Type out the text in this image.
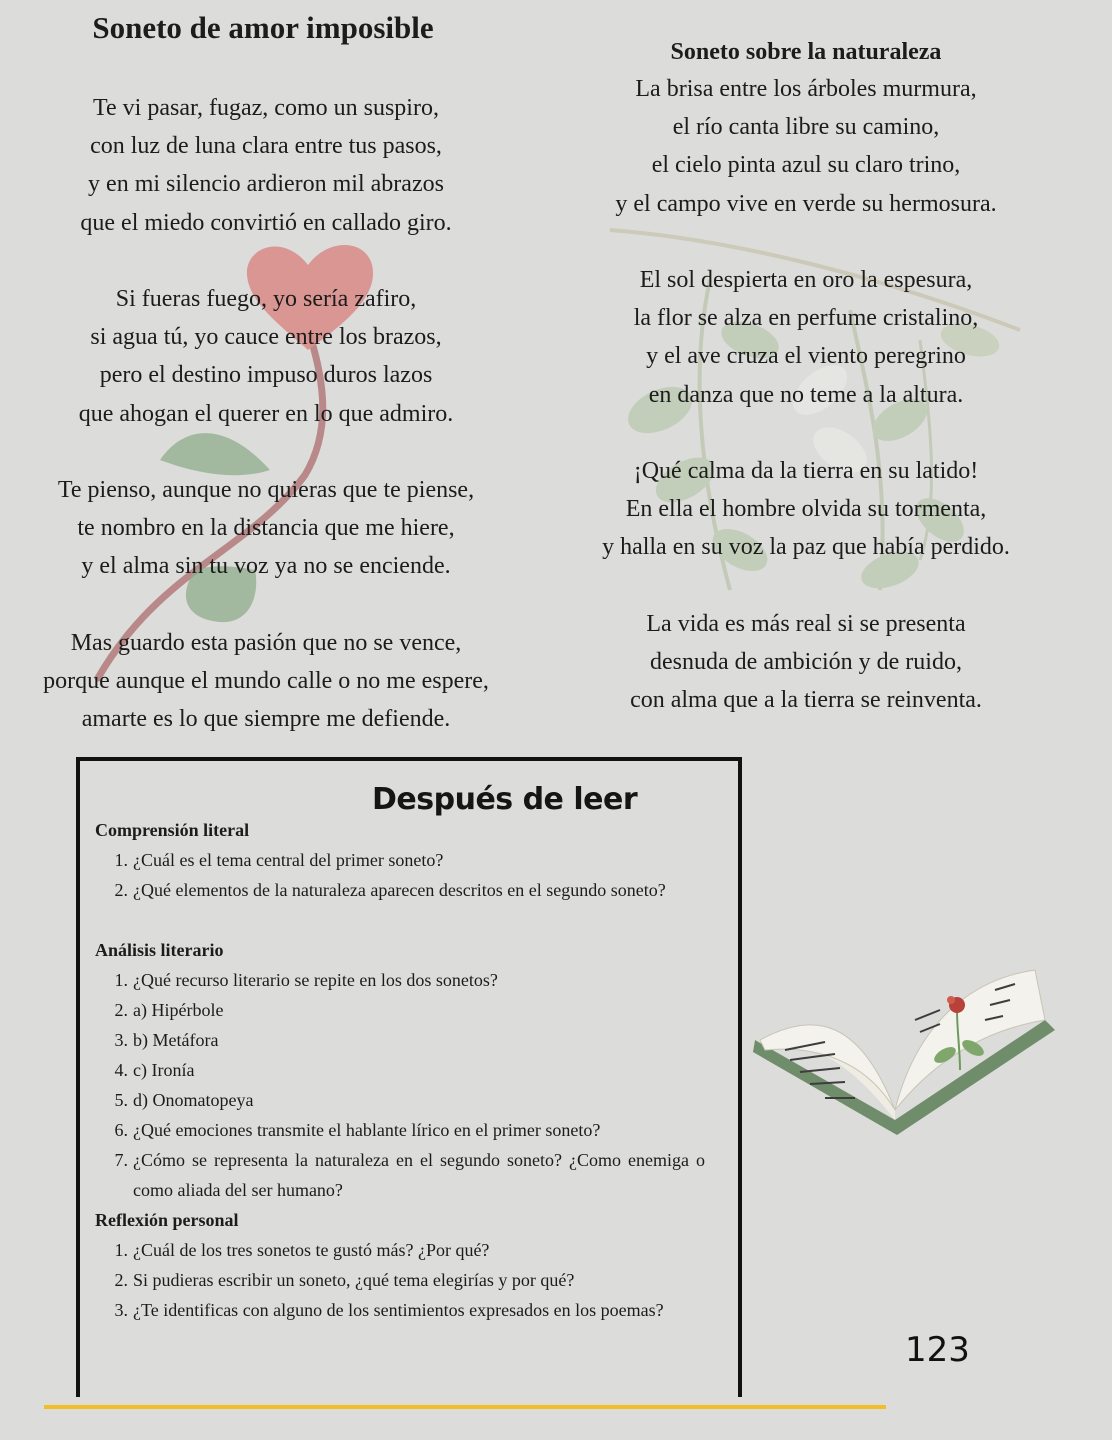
Soneto de amor imposible
Te vi pasar, fugaz, como un suspiro,
con luz de luna clara entre tus pasos,
y en mi silencio ardieron mil abrazos
que el miedo convirtió en callado giro.
Si fueras fuego, yo sería zafiro,
si agua tú, yo cauce entre los brazos,
pero el destino impuso duros lazos
que ahogan el querer en lo que admiro.
Te pienso, aunque no quieras que te piense,
te nombro en la distancia que me hiere,
y el alma sin tu voz ya no se enciende.
Mas guardo esta pasión que no se vence,
porque aunque el mundo calle o no me espere,
amarte es lo que siempre me defiende.
Soneto sobre la naturaleza
La brisa entre los árboles murmura,
el río canta libre su camino,
el cielo pinta azul su claro trino,
y el campo vive en verde su hermosura.
El sol despierta en oro la espesura,
la flor se alza en perfume cristalino,
y el ave cruza el viento peregrino
en danza que no teme a la altura.
¡Qué calma da la tierra en su latido!
En ella el hombre olvida su tormenta,
y halla en su voz la paz que había perdido.
La vida es más real si se presenta
desnuda de ambición y de ruido,
con alma que a la tierra se reinventa.
Después de leer
Comprensión literal
1. ¿Cuál es el tema central del primer soneto?
2. ¿Qué elementos de la naturaleza aparecen descritos en el segundo soneto?
Análisis literario
1. ¿Qué recurso literario se repite en los dos sonetos?
2. a) Hipérbole
3. b) Metáfora
4. c) Ironía
5. d) Onomatopeya
6. ¿Qué emociones transmite el hablante lírico en el primer soneto?
7. ¿Cómo se representa la naturaleza en el segundo soneto? ¿Como enemiga o como aliada del ser humano?
Reflexión personal
1. ¿Cuál de los tres sonetos te gustó más? ¿Por qué?
2. Si pudieras escribir un soneto, ¿qué tema elegirías y por qué?
3. ¿Te identificas con alguno de los sentimientos expresados en los poemas?
123
